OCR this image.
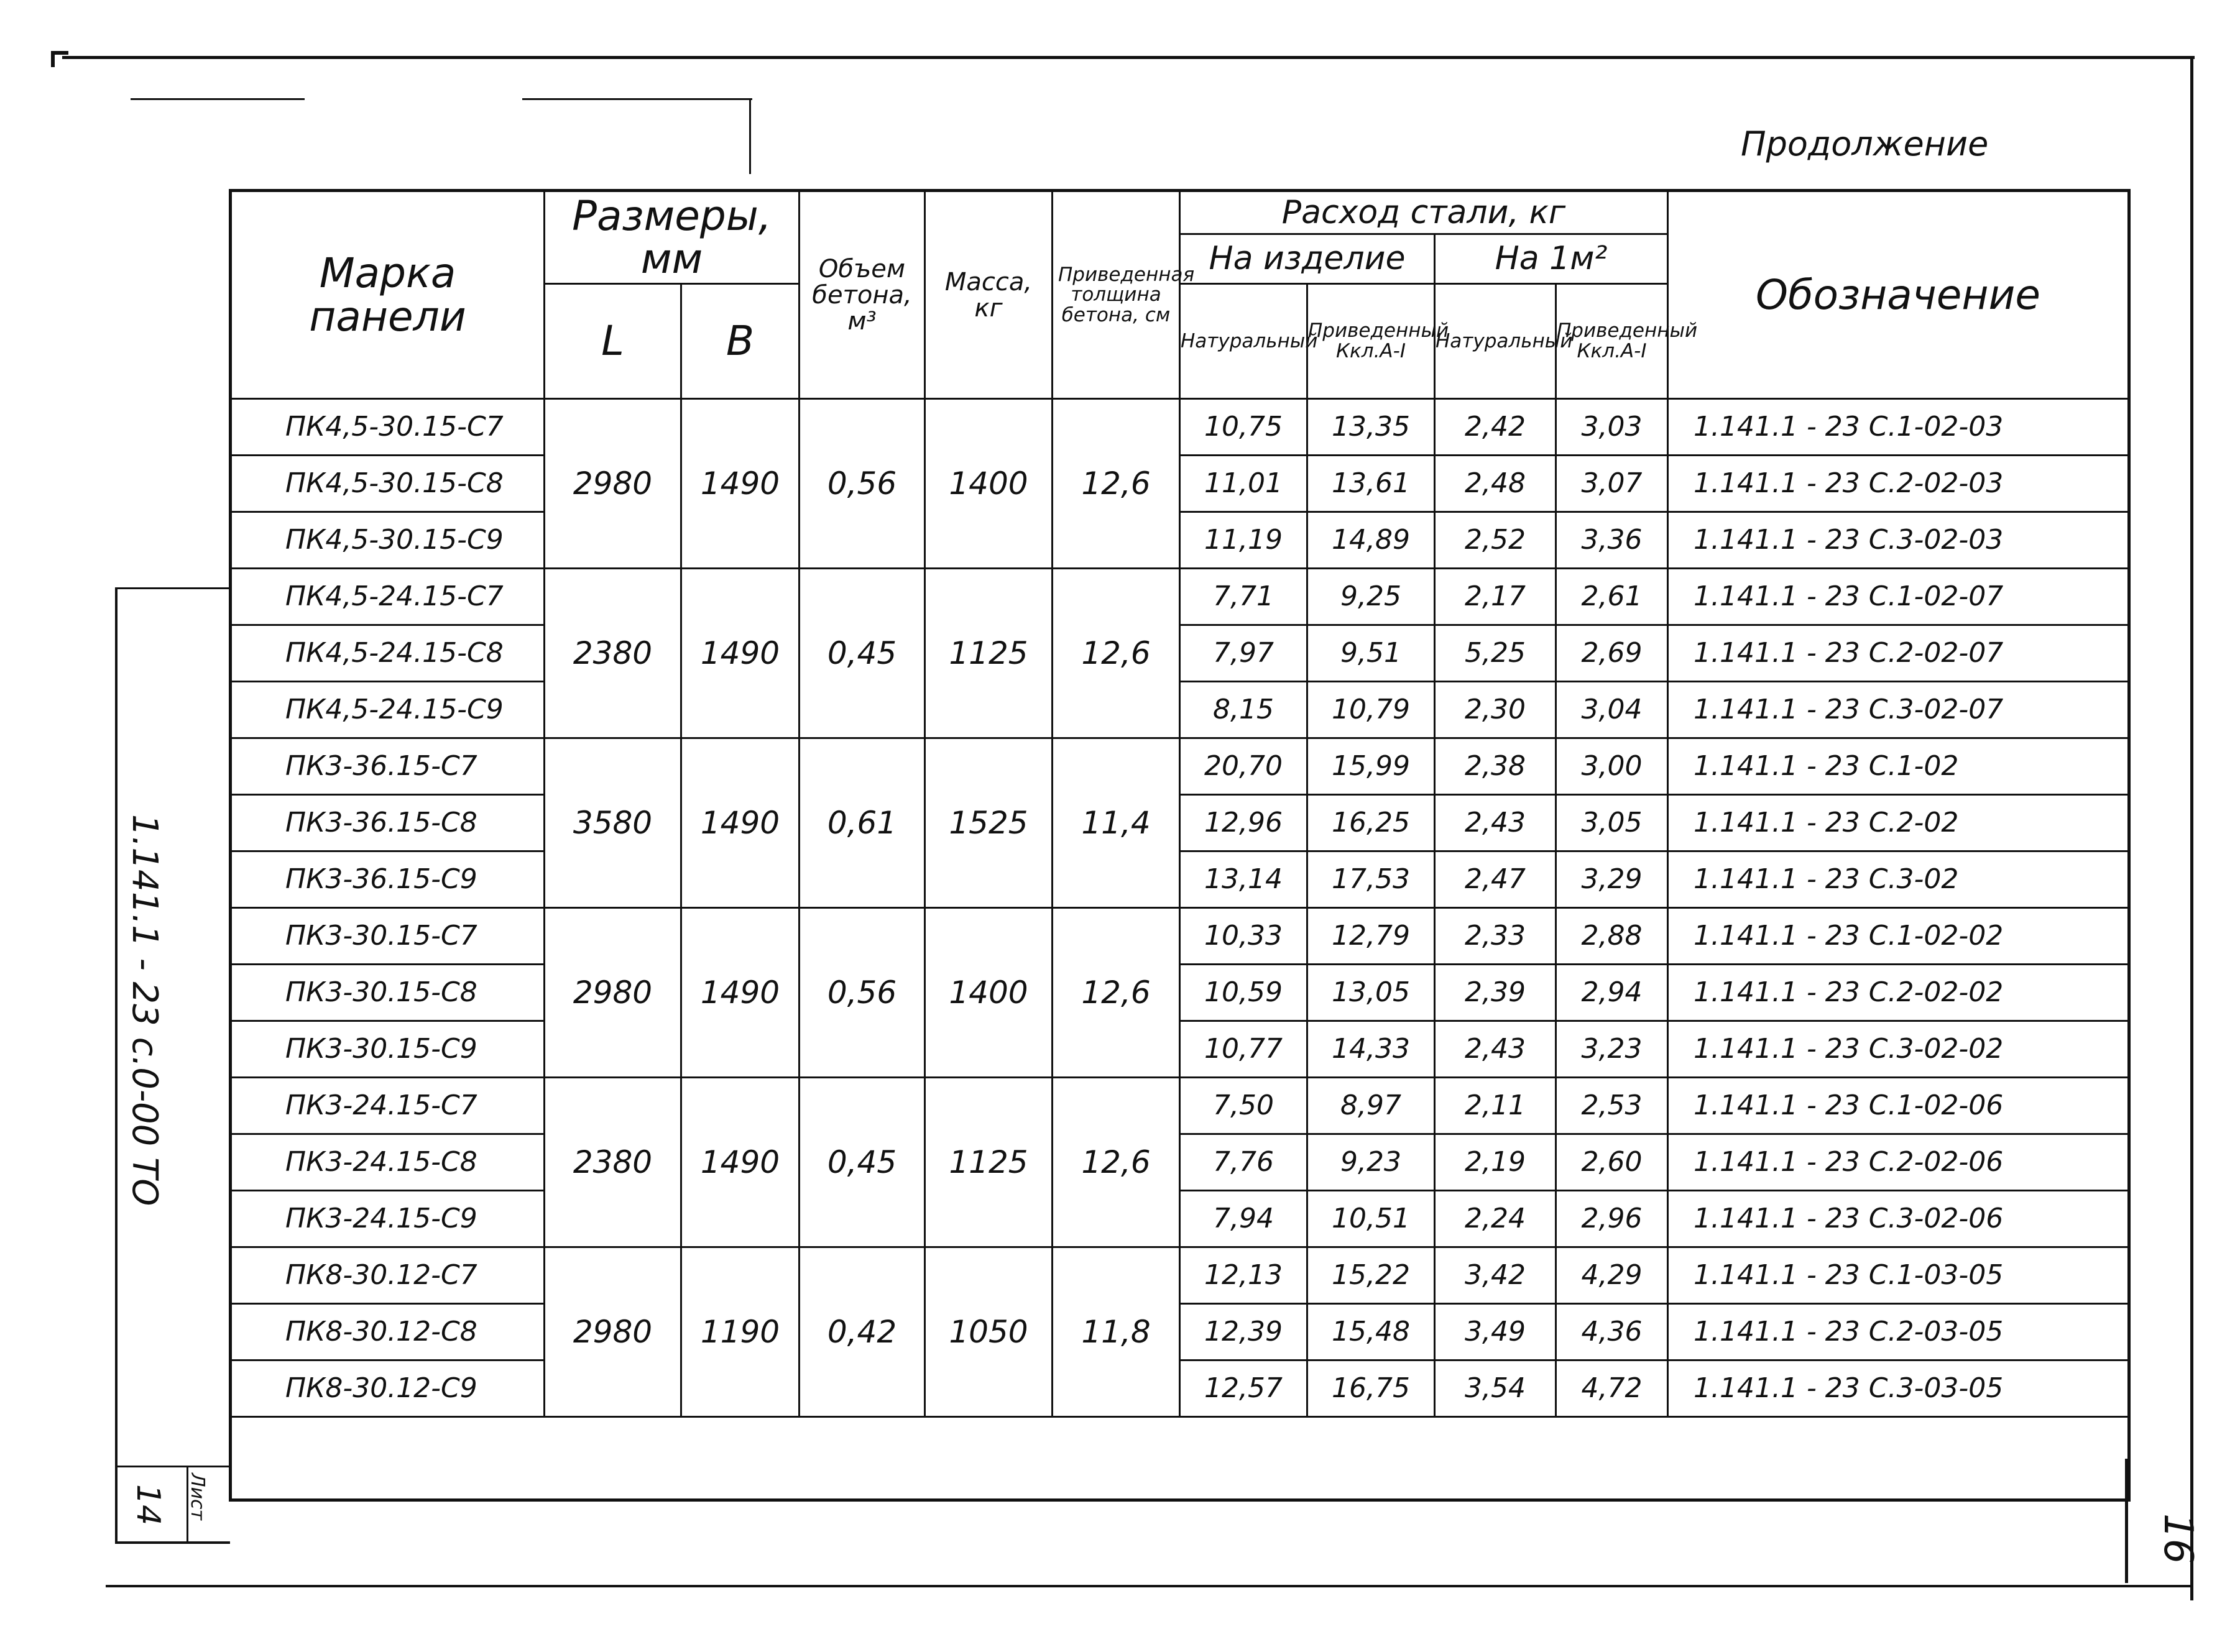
Продолжение
1.141.1 - 23 с.0-00 ТО
Лист
14
16
Марка панели	Размеры, мм		Объем бетона, м³	Масса, кг	Приведенная толщина бетона, см	Расход стали, кг				Обозначение
						На изделие		На 1м²		
	L	В				Натуральный	Приведенный Ккл.А-I	Натуральный	Приведенный Ккл.А-I	
ПК4,5-30.15-С7	2980	1490	0,56	1400	12,6	10,75	13,35	2,42	3,03	1.141.1 - 23 С.1-02-03
ПК4,5-30.15-С8						11,01	13,61	2,48	3,07	1.141.1 - 23 С.2-02-03
ПК4,5-30.15-С9						11,19	14,89	2,52	3,36	1.141.1 - 23 С.3-02-03
ПК4,5-24.15-С7	2380	1490	0,45	1125	12,6	7,71	9,25	2,17	2,61	1.141.1 - 23 С.1-02-07
ПК4,5-24.15-С8						7,97	9,51	5,25	2,69	1.141.1 - 23 С.2-02-07
ПК4,5-24.15-С9						8,15	10,79	2,30	3,04	1.141.1 - 23 С.3-02-07
ПК3-36.15-С7	3580	1490	0,61	1525	11,4	20,70	15,99	2,38	3,00	1.141.1 - 23 С.1-02
ПК3-36.15-С8						12,96	16,25	2,43	3,05	1.141.1 - 23 С.2-02
ПК3-36.15-С9						13,14	17,53	2,47	3,29	1.141.1 - 23 С.3-02
ПК3-30.15-С7	2980	1490	0,56	1400	12,6	10,33	12,79	2,33	2,88	1.141.1 - 23 С.1-02-02
ПК3-30.15-С8						10,59	13,05	2,39	2,94	1.141.1 - 23 С.2-02-02
ПК3-30.15-С9						10,77	14,33	2,43	3,23	1.141.1 - 23 С.3-02-02
ПК3-24.15-С7	2380	1490	0,45	1125	12,6	7,50	8,97	2,11	2,53	1.141.1 - 23 С.1-02-06
ПК3-24.15-С8						7,76	9,23	2,19	2,60	1.141.1 - 23 С.2-02-06
ПК3-24.15-С9						7,94	10,51	2,24	2,96	1.141.1 - 23 С.3-02-06
ПК8-30.12-С7	2980	1190	0,42	1050	11,8	12,13	15,22	3,42	4,29	1.141.1 - 23 С.1-03-05
ПК8-30.12-С8						12,39	15,48	3,49	4,36	1.141.1 - 23 С.2-03-05
ПК8-30.12-С9						12,57	16,75	3,54	4,72	1.141.1 - 23 С.3-03-05
